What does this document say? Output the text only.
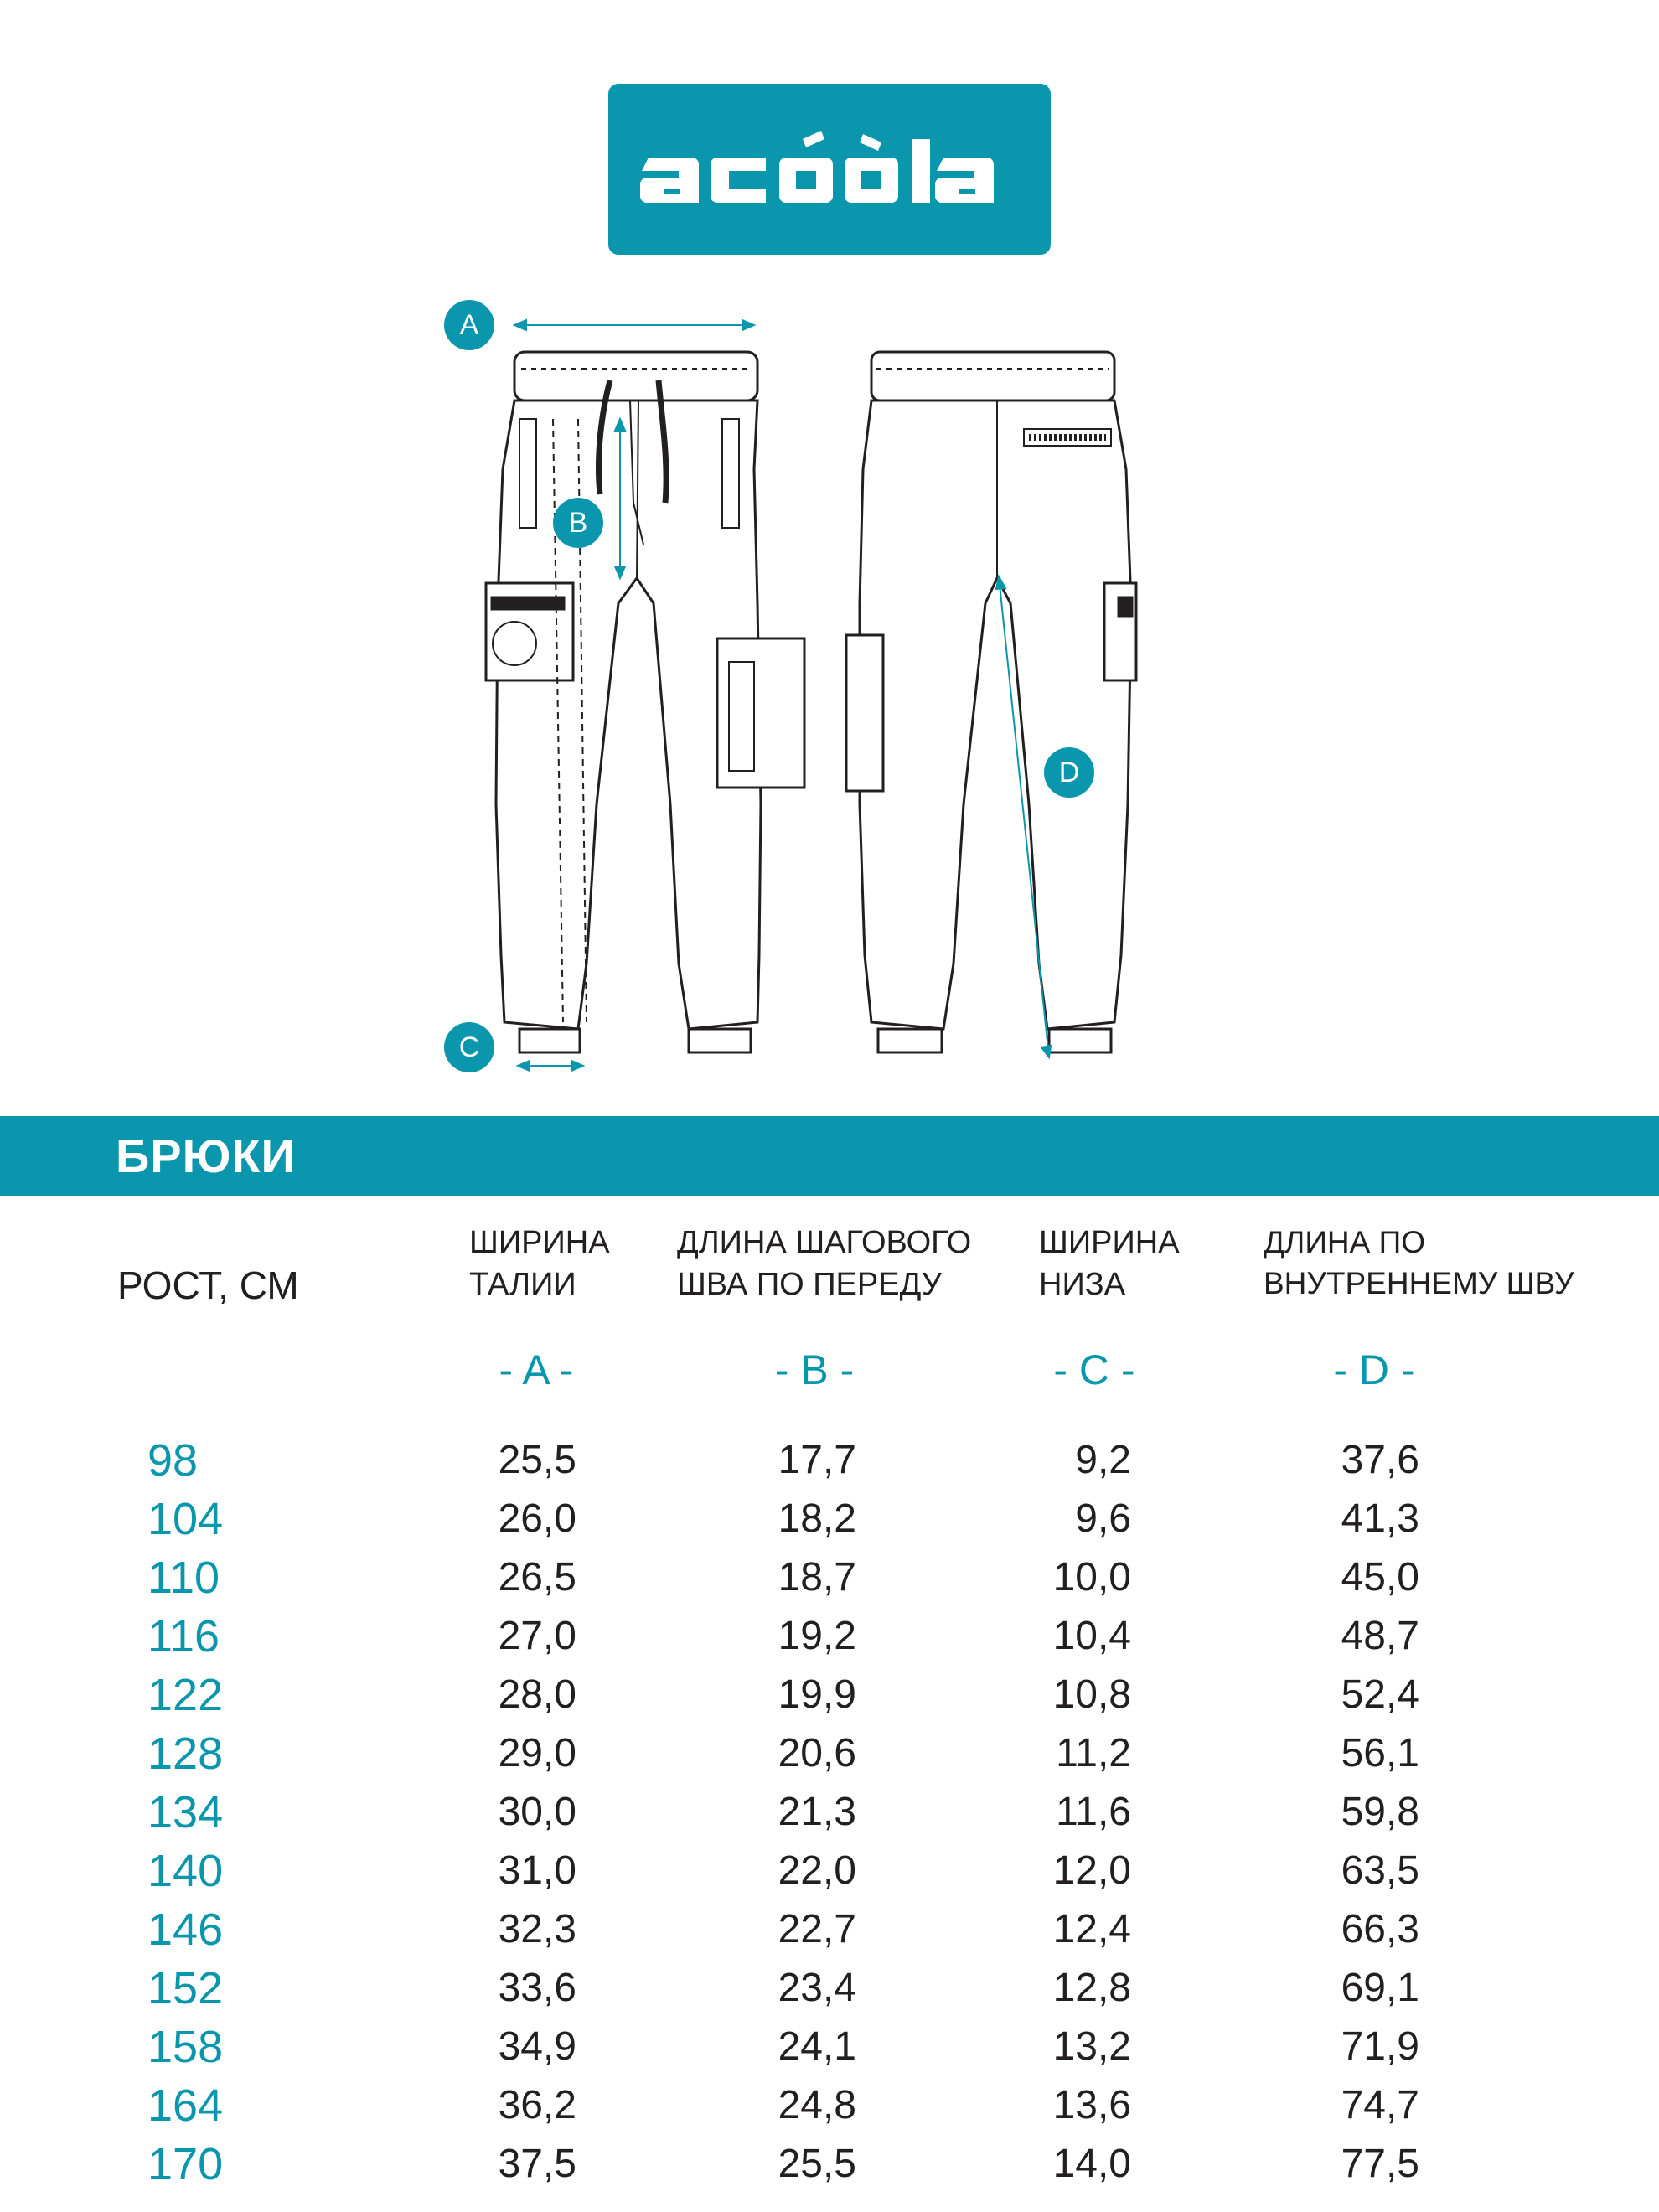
A
B
C
D
БРЮКИ
РОСТ, СМ
ШИРИНА
ТАЛИИ
ДЛИНА ШАГОВОГО
ШВА ПО ПЕРЕДУ
ШИРИНА
НИЗА
ДЛИНА ПО
ВНУТРЕННЕМУ ШВУ
- A -	- B -	- C -	- D -
98	25,5	17,7	9,2	37,6
104	26,0	18,2	9,6	41,3
110	26,5	18,7	10,0	45,0
116	27,0	19,2	10,4	48,7
122	28,0	19,9	10,8	52,4
128	29,0	20,6	11,2	56,1
134	30,0	21,3	11,6	59,8
140	31,0	22,0	12,0	63,5
146	32,3	22,7	12,4	66,3
152	33,6	23,4	12,8	69,1
158	34,9	24,1	13,2	71,9
164	36,2	24,8	13,6	74,7
170	37,5	25,5	14,0	77,5
